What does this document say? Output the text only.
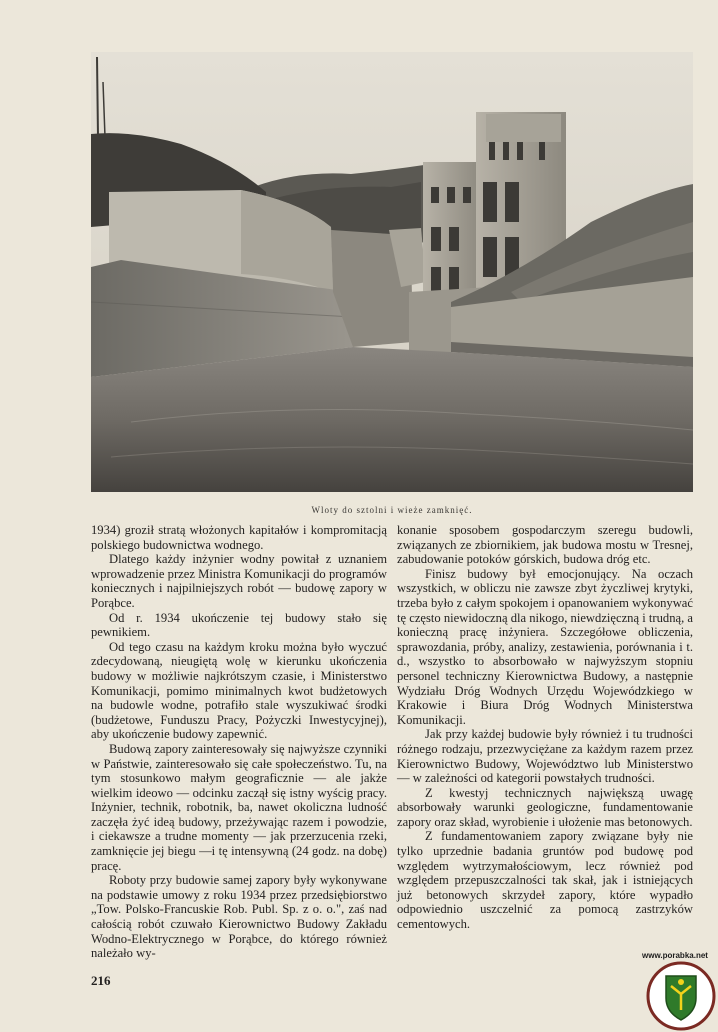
Wloty do sztolni i wieże zamknięć.

1934) groził stratą włożonych kapitałów i kompromitacją polskiego budownictwa wodnego.

Dlatego każdy inżynier wodny powitał z uznaniem wprowadzenie przez Ministra Komunikacji do programów koniecznych i najpilniejszych robót — budowę zapory w Porąbce.

Od r. 1934 ukończenie tej budowy stało się pewnikiem.

Od tego czasu na każdym kroku można było wyczuć zdecydowaną, nieugiętą wolę w kierunku ukończenia budowy w możliwie najkrótszym czasie, i Ministerstwo Komunikacji, pomimo minimalnych kwot budżetowych na budowle wodne, potrafiło stale wyszukiwać środki (budżetowe, Funduszu Pracy, Pożyczki Inwestycyjnej), aby ukończenie budowy zapewnić.

Budową zapory zainteresowały się najwyższe czynniki w Państwie, zainteresowało się całe społeczeństwo. Tu, na tym stosunkowo małym geograficznie — ale jakże wielkim ideowo — odcinku zaczął się istny wyścig pracy. Inżynier, technik, robotnik, ba, nawet okoliczna ludność zaczęła żyć ideą budowy, przeżywając razem i powodzie, i ciekawsze a trudne momenty — jak przerzucenia rzeki, zamknięcie jej biegu —i tę intensywną (24 godz. na dobę) pracę.

Roboty przy budowie samej zapory były wykonywane na podstawie umowy z roku 1934 przez przedsiębiorstwo „Tow. Polsko-Francuskie Rob. Publ. Sp. z o. o.", zaś nad całością robót czuwało Kierownictwo Budowy Zakładu Wodno-Elektrycznego w Porąbce, do którego również należało wy-

konanie sposobem gospodarczym szeregu budowli, związanych ze zbiornikiem, jak budowa mostu w Tresnej, zabudowanie potoków górskich, budowa dróg etc.

Finisz budowy był emocjonujący. Na oczach wszystkich, w obliczu nie zawsze zbyt życzliwej krytyki, trzeba było z całym spokojem i opanowaniem wykonywać tę często niewidoczną dla nikogo, niewdzięczną i trudną, a konieczną pracę inżyniera. Szczegółowe obliczenia, sprawozdania, próby, analizy, zestawienia, porównania i t. d., wszystko to absorbowało w najwyższym stopniu personel techniczny Kierownictwa Budowy, a następnie Wydziału Dróg Wodnych Urzędu Wojewódzkiego w Krakowie i Biura Dróg Wodnych Ministerstwa Komunikacji.

Jak przy każdej budowie były również i tu trudności różnego rodzaju, przezwyciężane za każdym razem przez Kierownictwo Budowy, Województwo lub Ministerstwo — w zależności od kategorii powstałych trudności.

Z kwestyj technicznych największą uwagę absorbowały warunki geologiczne, fundamentowanie zapory oraz skład, wyrobienie i ułożenie mas betonowych.

Z fundamentowaniem zapory związane były nie tylko uprzednie badania gruntów pod budowę pod względem wytrzymałościowym, lecz również pod względem przepuszczalności tak skał, jak i istniejących już betonowych skrzydeł zapory, które wypadło odpowiednio uszczelnić za pomocą zastrzyków cementowych.

216
www.porabka.net
